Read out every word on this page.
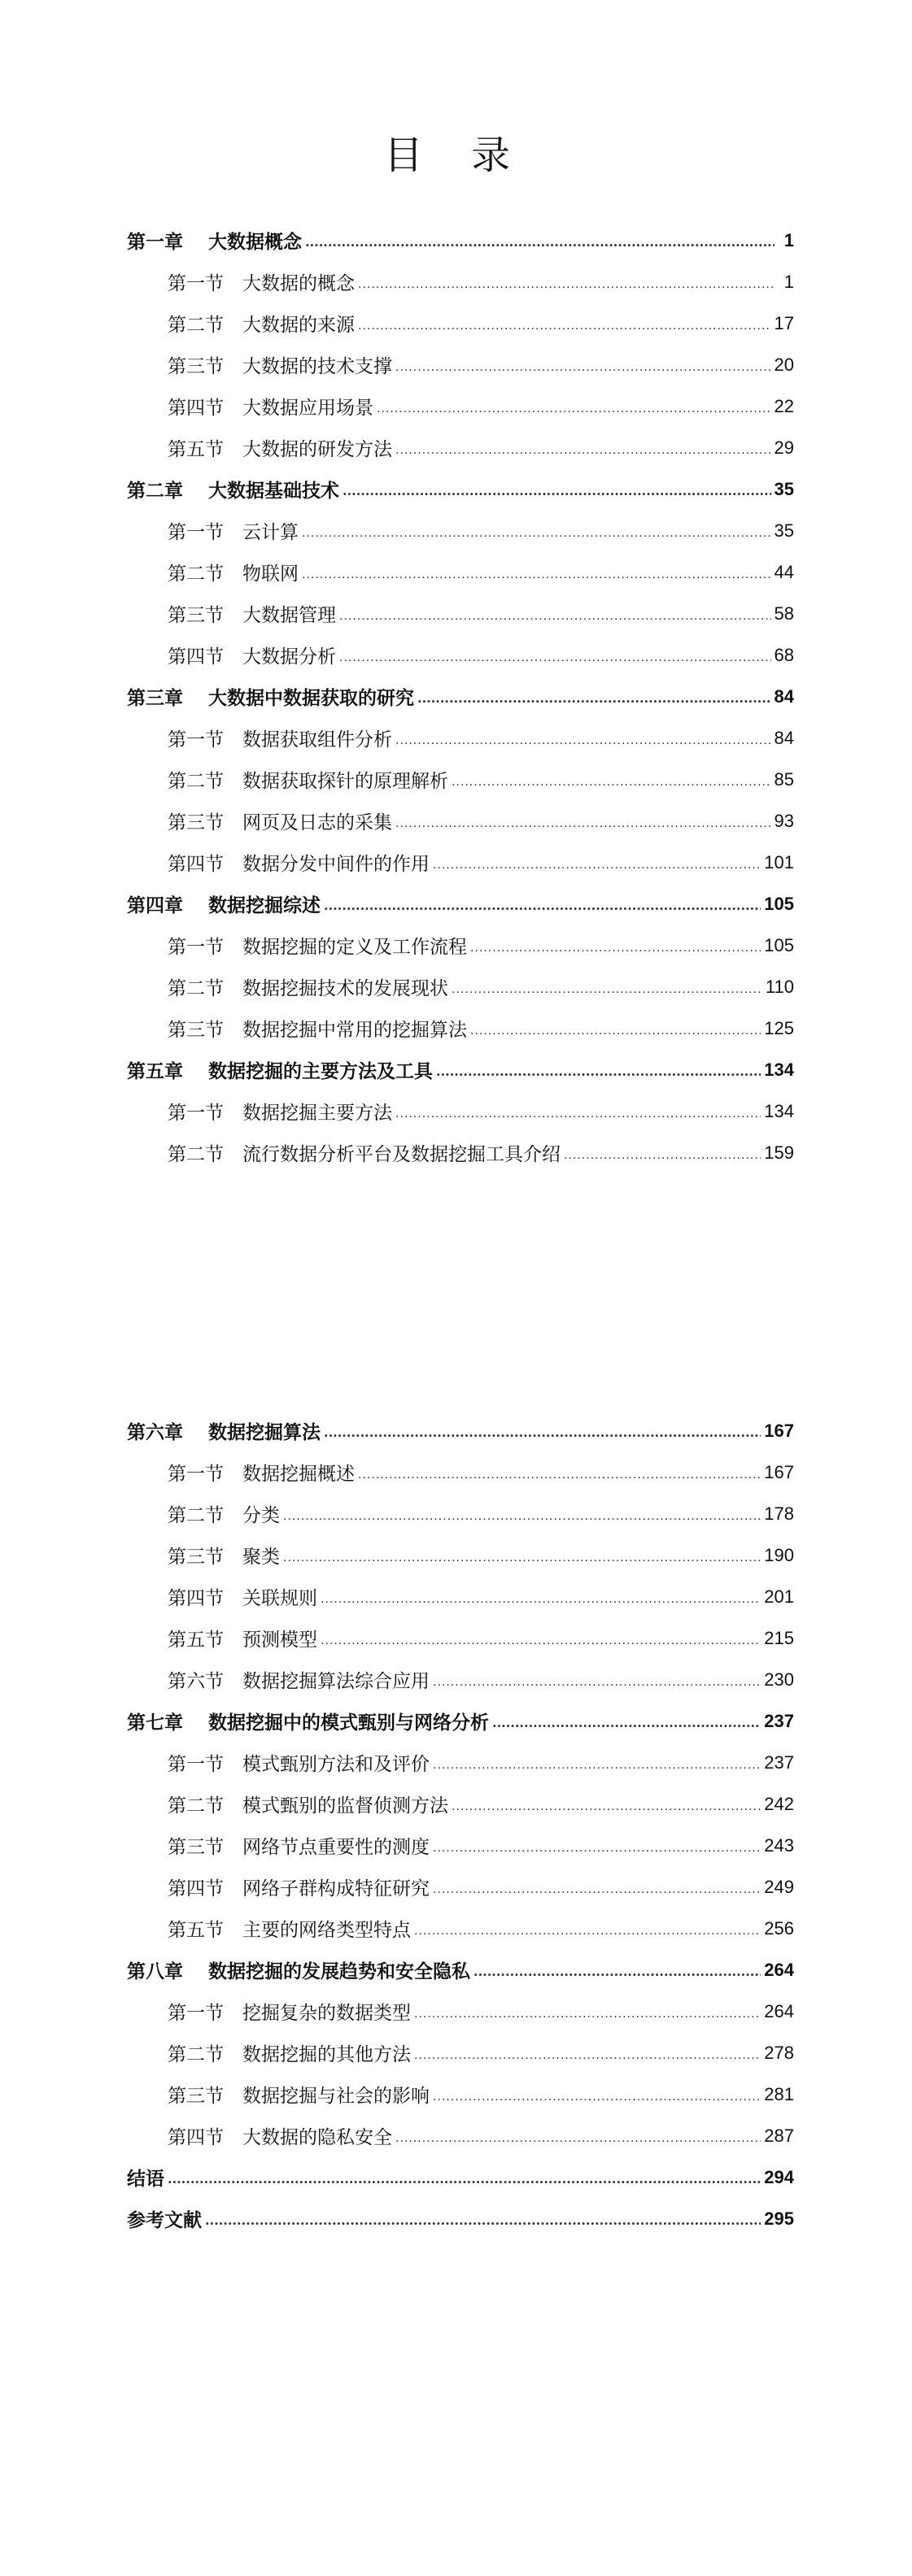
目 录
第一章	大数据概念 .....	1
第一节	大数据的概念 .....	1
第二节	大数据的来源 .....	17
第三节	大数据的技术支撑 .....	20
第四节	大数据应用场景 .....	22
第五节	大数据的研发方法 .....	29
第二章	大数据基础技术 .....	35
第一节	云计算 .....	35
第二节	物联网 .....	44
第三节	大数据管理 .....	58
第四节	大数据分析 .....	68
第三章	大数据中数据获取的研究 .....	84
第一节	数据获取组件分析 .....	84
第二节	数据获取探针的原理解析 .....	85
第三节	网页及日志的采集 .....	93
第四节	数据分发中间件的作用 .....	101
第四章	数据挖掘综述 .....	105
第一节	数据挖掘的定义及工作流程 .....	105
第二节	数据挖掘技术的发展现状 .....	110
第三节	数据挖掘中常用的挖掘算法 .....	125
第五章	数据挖掘的主要方法及工具 .....	134
第一节	数据挖掘主要方法 .....	134
第二节	流行数据分析平台及数据挖掘工具介绍 .....	159
第六章	数据挖掘算法 .....	167
第一节	数据挖掘概述 .....	167
第二节	分类 .....	178
第三节	聚类 .....	190
第四节	关联规则 .....	201
第五节	预测模型 .....	215
第六节	数据挖掘算法综合应用 .....	230
第七章	数据挖掘中的模式甄别与网络分析 .....	237
第一节	模式甄别方法和及评价 .....	237
第二节	模式甄别的监督侦测方法 .....	242
第三节	网络节点重要性的测度 .....	243
第四节	网络子群构成特征研究 .....	249
第五节	主要的网络类型特点 .....	256
第八章	数据挖掘的发展趋势和安全隐私 .....	264
第一节	挖掘复杂的数据类型 .....	264
第二节	数据挖掘的其他方法 .....	278
第三节	数据挖掘与社会的影响 .....	281
第四节	大数据的隐私安全 .....	287
结语 .....	294
参考文献 .....	295
